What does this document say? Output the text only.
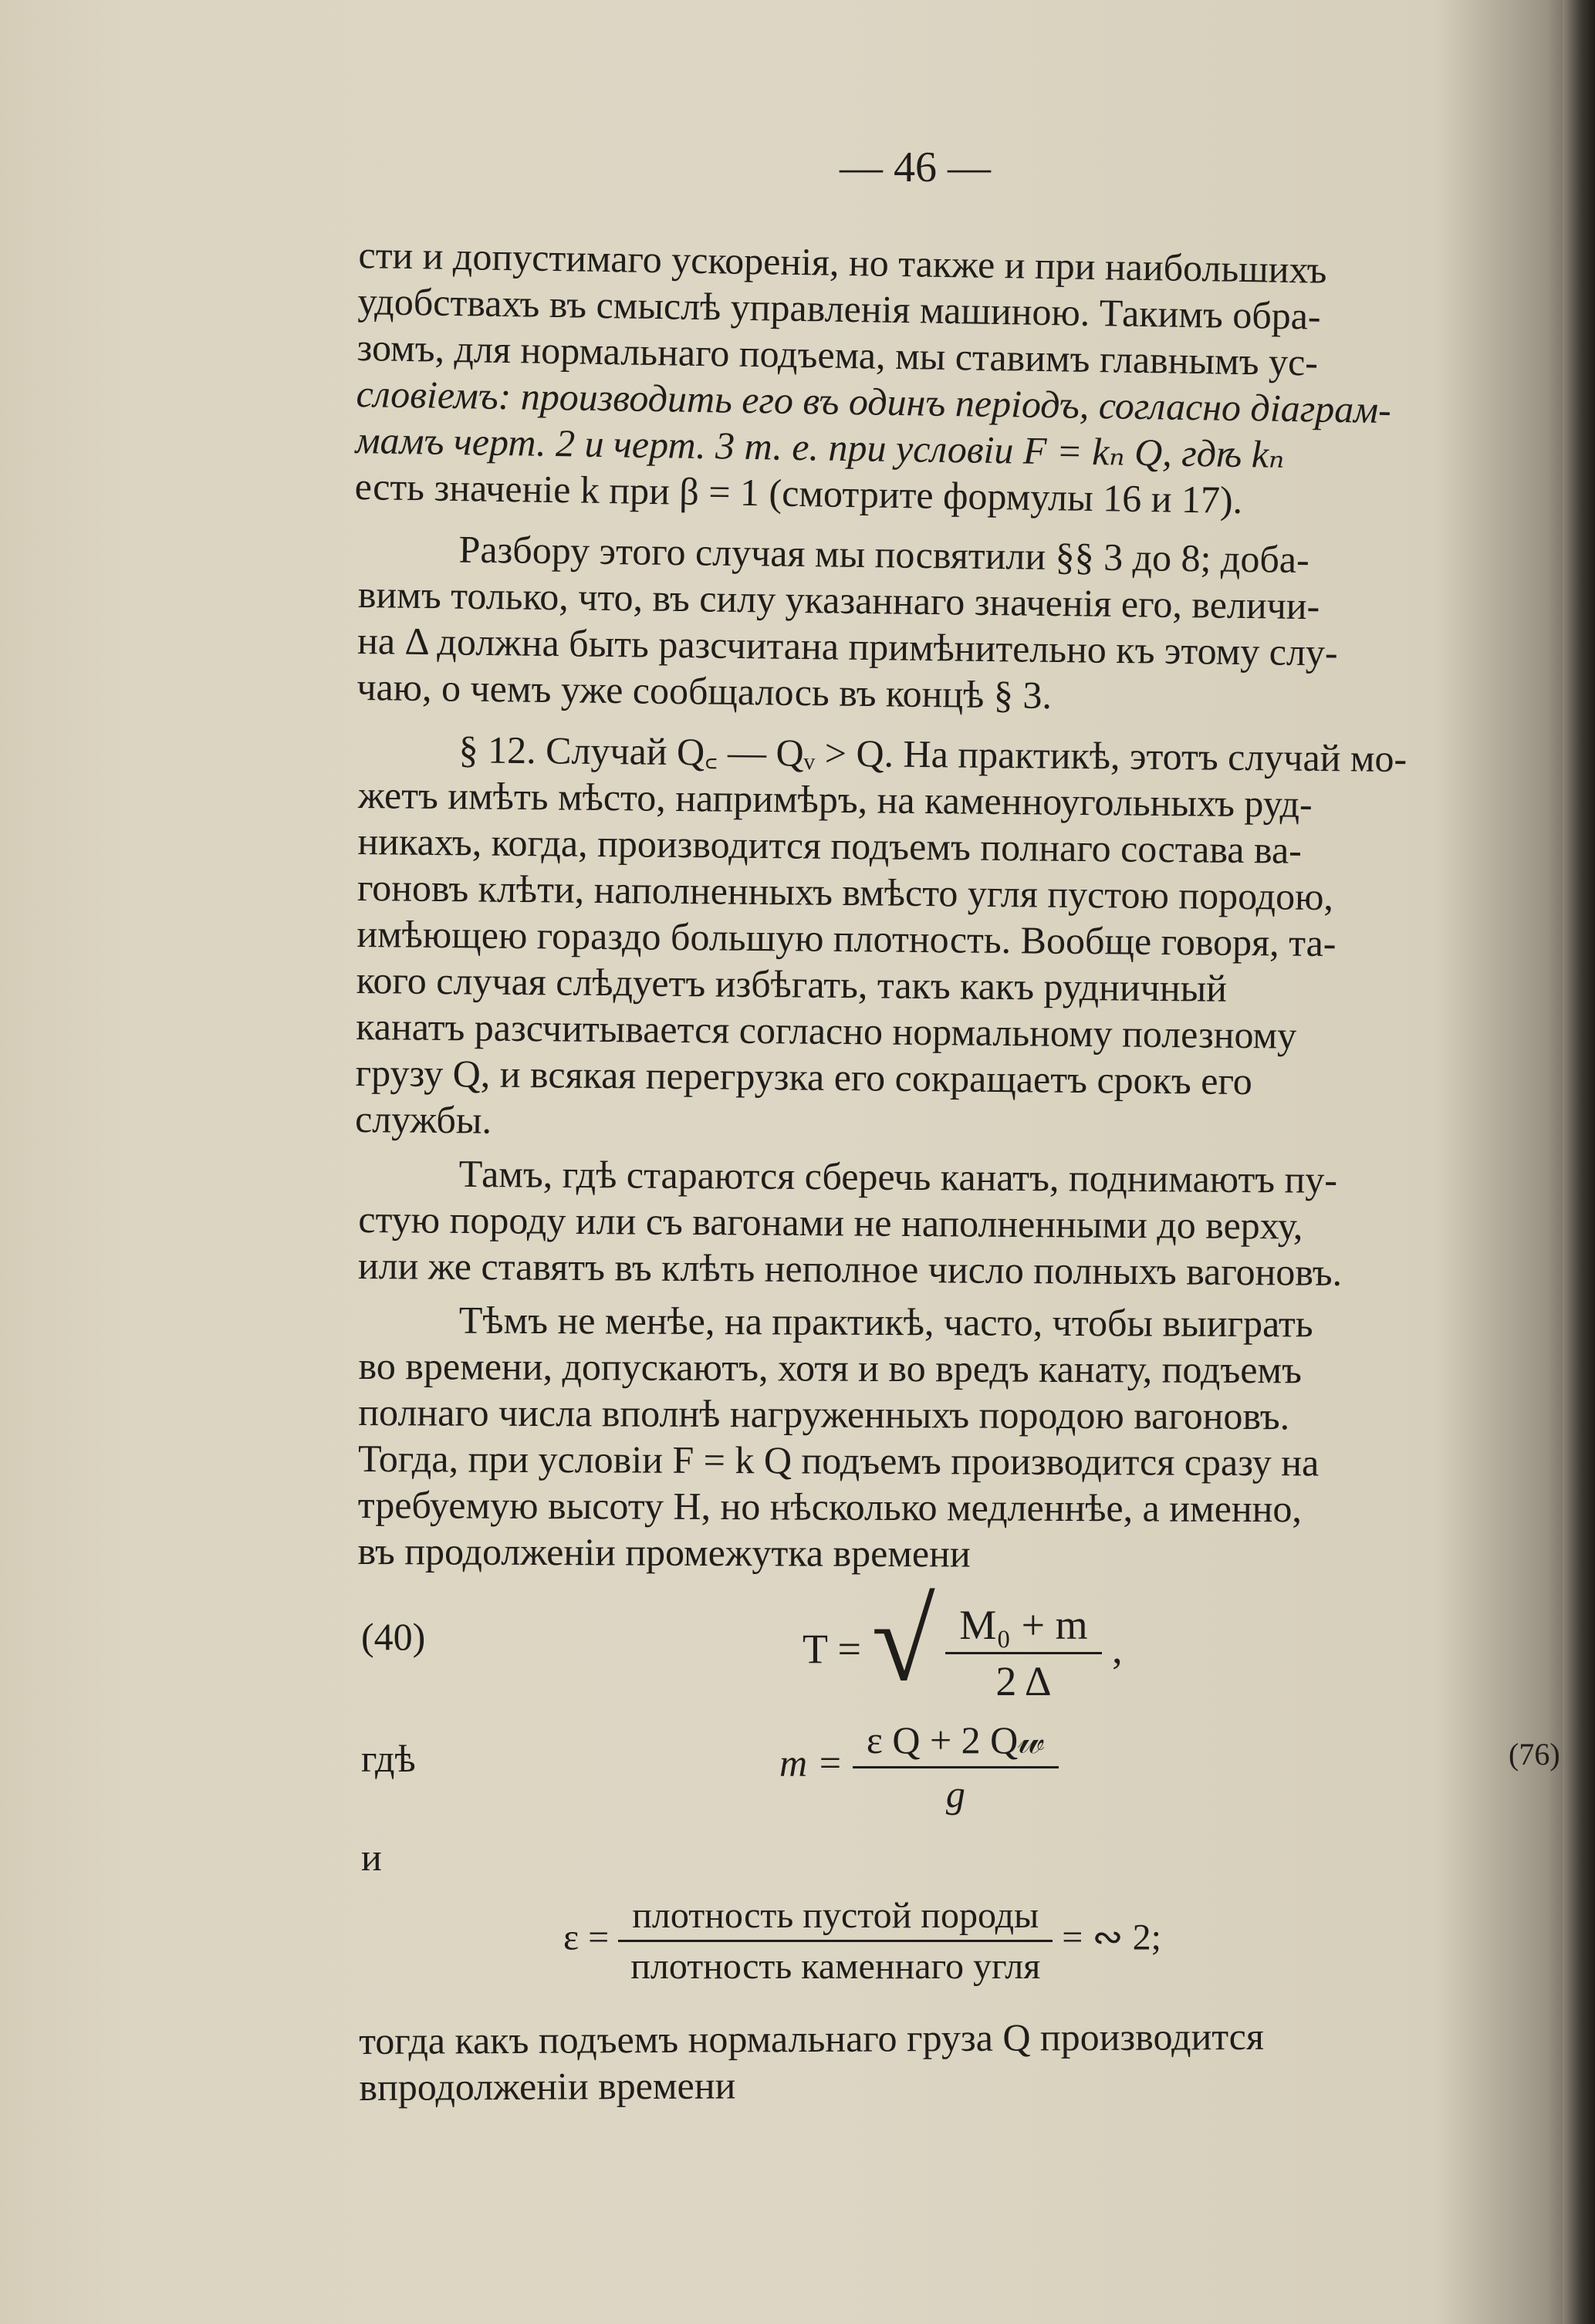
— 46 —
сти и допустимаго ускоренія, но также и при наибольшихъ
удобствахъ въ смыслѣ управленія машиною. Такимъ обра-
зомъ, для нормальнаго подъема, мы ставимъ главнымъ ус-
словіемъ: производить его въ одинъ періодъ, согласно діаграм-
мамъ черт. 2 и черт. 3 т. е. при условіи F = kₙ Q, гдѣ kₙ
есть значеніе k при β = 1 (смотрите формулы 16 и 17).
Разбору этого случая мы посвятили §§ 3 до 8; доба-
вимъ только, что, въ силу указаннаго значенія его, величи-
на Δ должна быть разсчитана примѣнительно къ этому слу-
чаю, о чемъ уже сообщалось въ концѣ § 3.
§ 12. Случай Q꜀ — Qᵥ > Q. На практикѣ, этотъ случай мо-
жетъ имѣть мѣсто, напримѣръ, на каменноугольныхъ руд-
никахъ, когда, производится подъемъ полнаго состава ва-
гоновъ клѣти, наполненныхъ вмѣсто угля пустою породою,
имѣющею гораздо большую плотность. Вообще говоря, та-
кого случая слѣдуетъ избѣгать, такъ какъ рудничный
канатъ разсчитывается согласно нормальному полезному
грузу Q, и всякая перегрузка его сокращаетъ срокъ его
службы.
Тамъ, гдѣ стараются сберечь канатъ, поднимаютъ пу-
стую породу или съ вагонами не наполненными до верху,
или же ставятъ въ клѣть неполное число полныхъ вагоновъ.
Тѣмъ не менѣе, на практикѣ, часто, чтобы выиграть
во времени, допускаютъ, хотя и во вредъ канату, подъемъ
полнаго числа вполнѣ нагруженныхъ породою вагоновъ.
Тогда, при условіи F = k Q подъемъ производится сразу на
требуемую высоту H, но нѣсколько медленнѣе, а именно,
въ продолженіи промежутка времени
(40)	T = √ $\frac{\text{M₀ + m}}{2 \Delta}$ ,
гдѣ	$m = \frac{\text{ε Q + 2 Q𝓌}}{g}$	(76)
и
$\varepsilon = \frac{\text{плотность пустой породы}}{\text{плотность каменнаго угля}}$ = ∾ 2;
тогда какъ подъемъ нормальнаго груза Q производится
впродолженіи времени
